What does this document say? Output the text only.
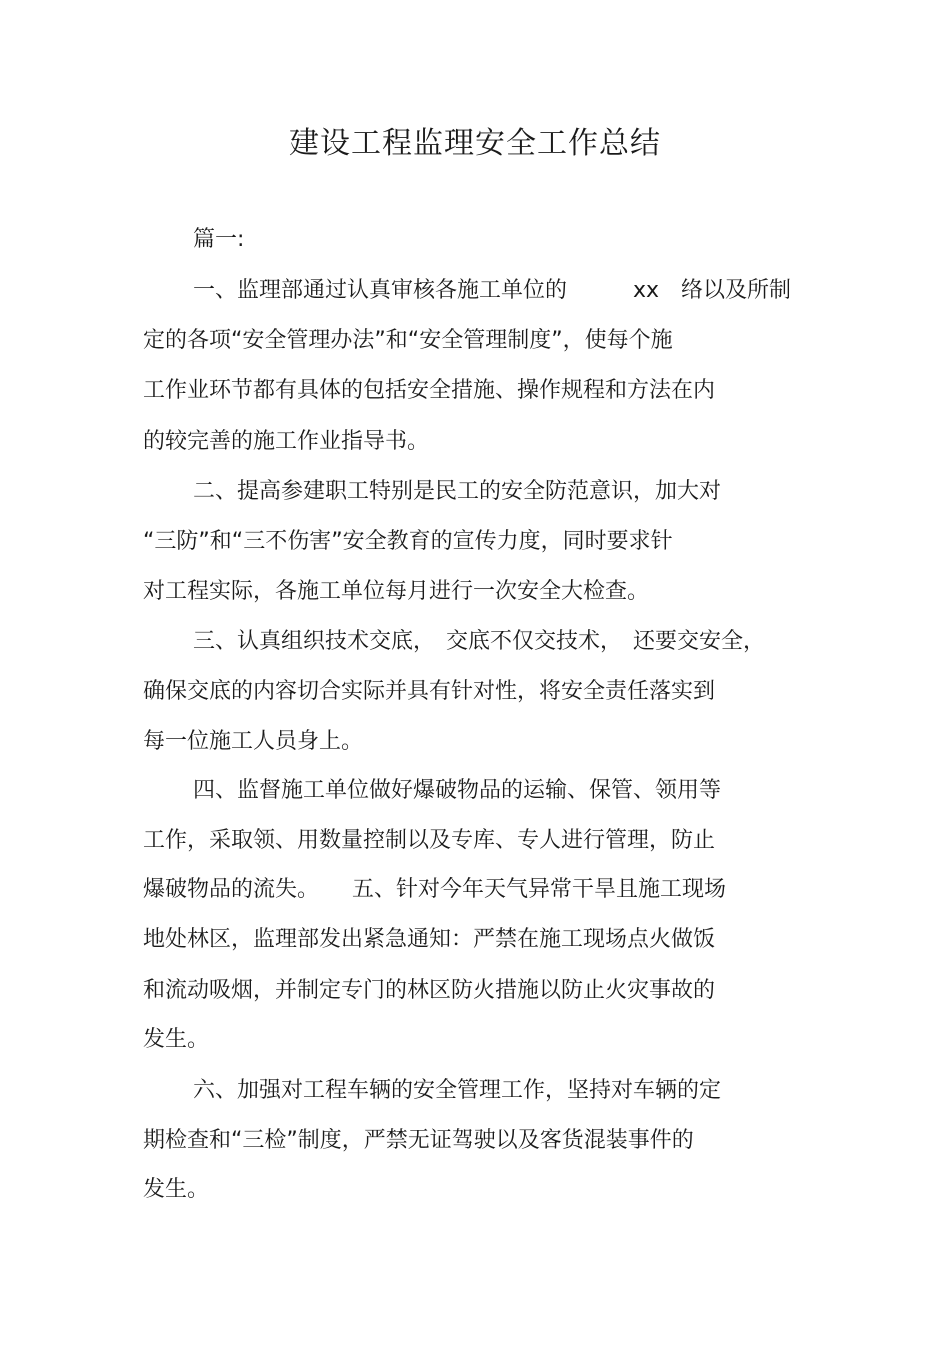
建设工程监理安全工作总结

篇一:

一、监理部通过认真审核各施工单位的　　　xx　络以及所制

定的各项“安全管理办法”和“安全管理制度”，使每个施

工作业环节都有具体的包括安全措施、操作规程和方法在内

的较完善的施工作业指导书。

二、提高参建职工特别是民工的安全防范意识，加大对

“三防”和“三不伤害”安全教育的宣传力度，同时要求针

对工程实际，各施工单位每月进行一次安全大检查。

三、认真组织技术交底，　交底不仅交技术，　还要交安全，

确保交底的内容切合实际并具有针对性，将安全责任落实到

每一位施工人员身上。

四、监督施工单位做好爆破物品的运输、保管、领用等

工作，采取领、用数量控制以及专库、专人进行管理，防止

爆破物品的流失。　　五、针对今年天气异常干旱且施工现场

地处林区，监理部发出紧急通知：严禁在施工现场点火做饭

和流动吸烟，并制定专门的林区防火措施以防止火灾事故的

发生。

六、加强对工程车辆的安全管理工作，坚持对车辆的定

期检查和“三检”制度，严禁无证驾驶以及客货混装事件的

发生。
